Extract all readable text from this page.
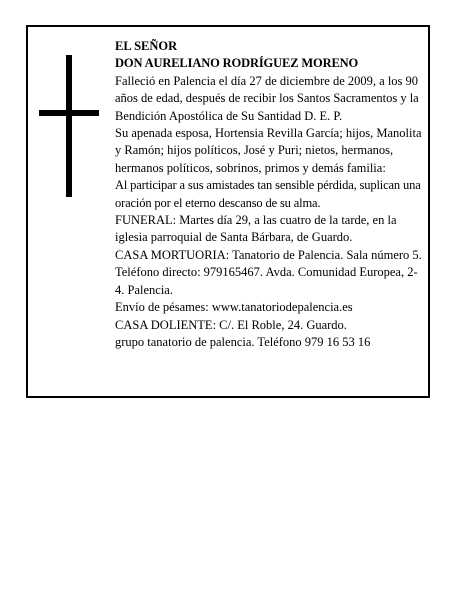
EL SEÑOR

DON AURELIANO RODRÍGUEZ MORENO

Falleció en Palencia el día 27 de diciembre de 2009, a los 90 años de edad, después de recibir los Santos Sacramentos y la Bendición Apostólica de Su Santidad D. E. P.

Su apenada esposa, Hortensia Revilla García; hijos, Manolita y Ramón; hijos políticos, José y Puri; nietos, hermanos, hermanos políticos, sobrinos, primos y demás familia:

Al participar a sus amistades tan sensible pérdida, suplican una oración por el eterno descanso de su alma.

FUNERAL: Martes día 29, a las cuatro de la tarde, en la iglesia parroquial de Santa Bárbara, de Guardo.

CASA MORTUORIA: Tanatorio de Palencia. Sala número 5. Teléfono directo: 979165467. Avda. Comunidad Europea, 2-4. Palencia.

Envío de pésames: www.tanatoriodepalencia.es

CASA DOLIENTE: C/. El Roble, 24. Guardo.

grupo tanatorio de palencia. Teléfono 979 16 53 16
